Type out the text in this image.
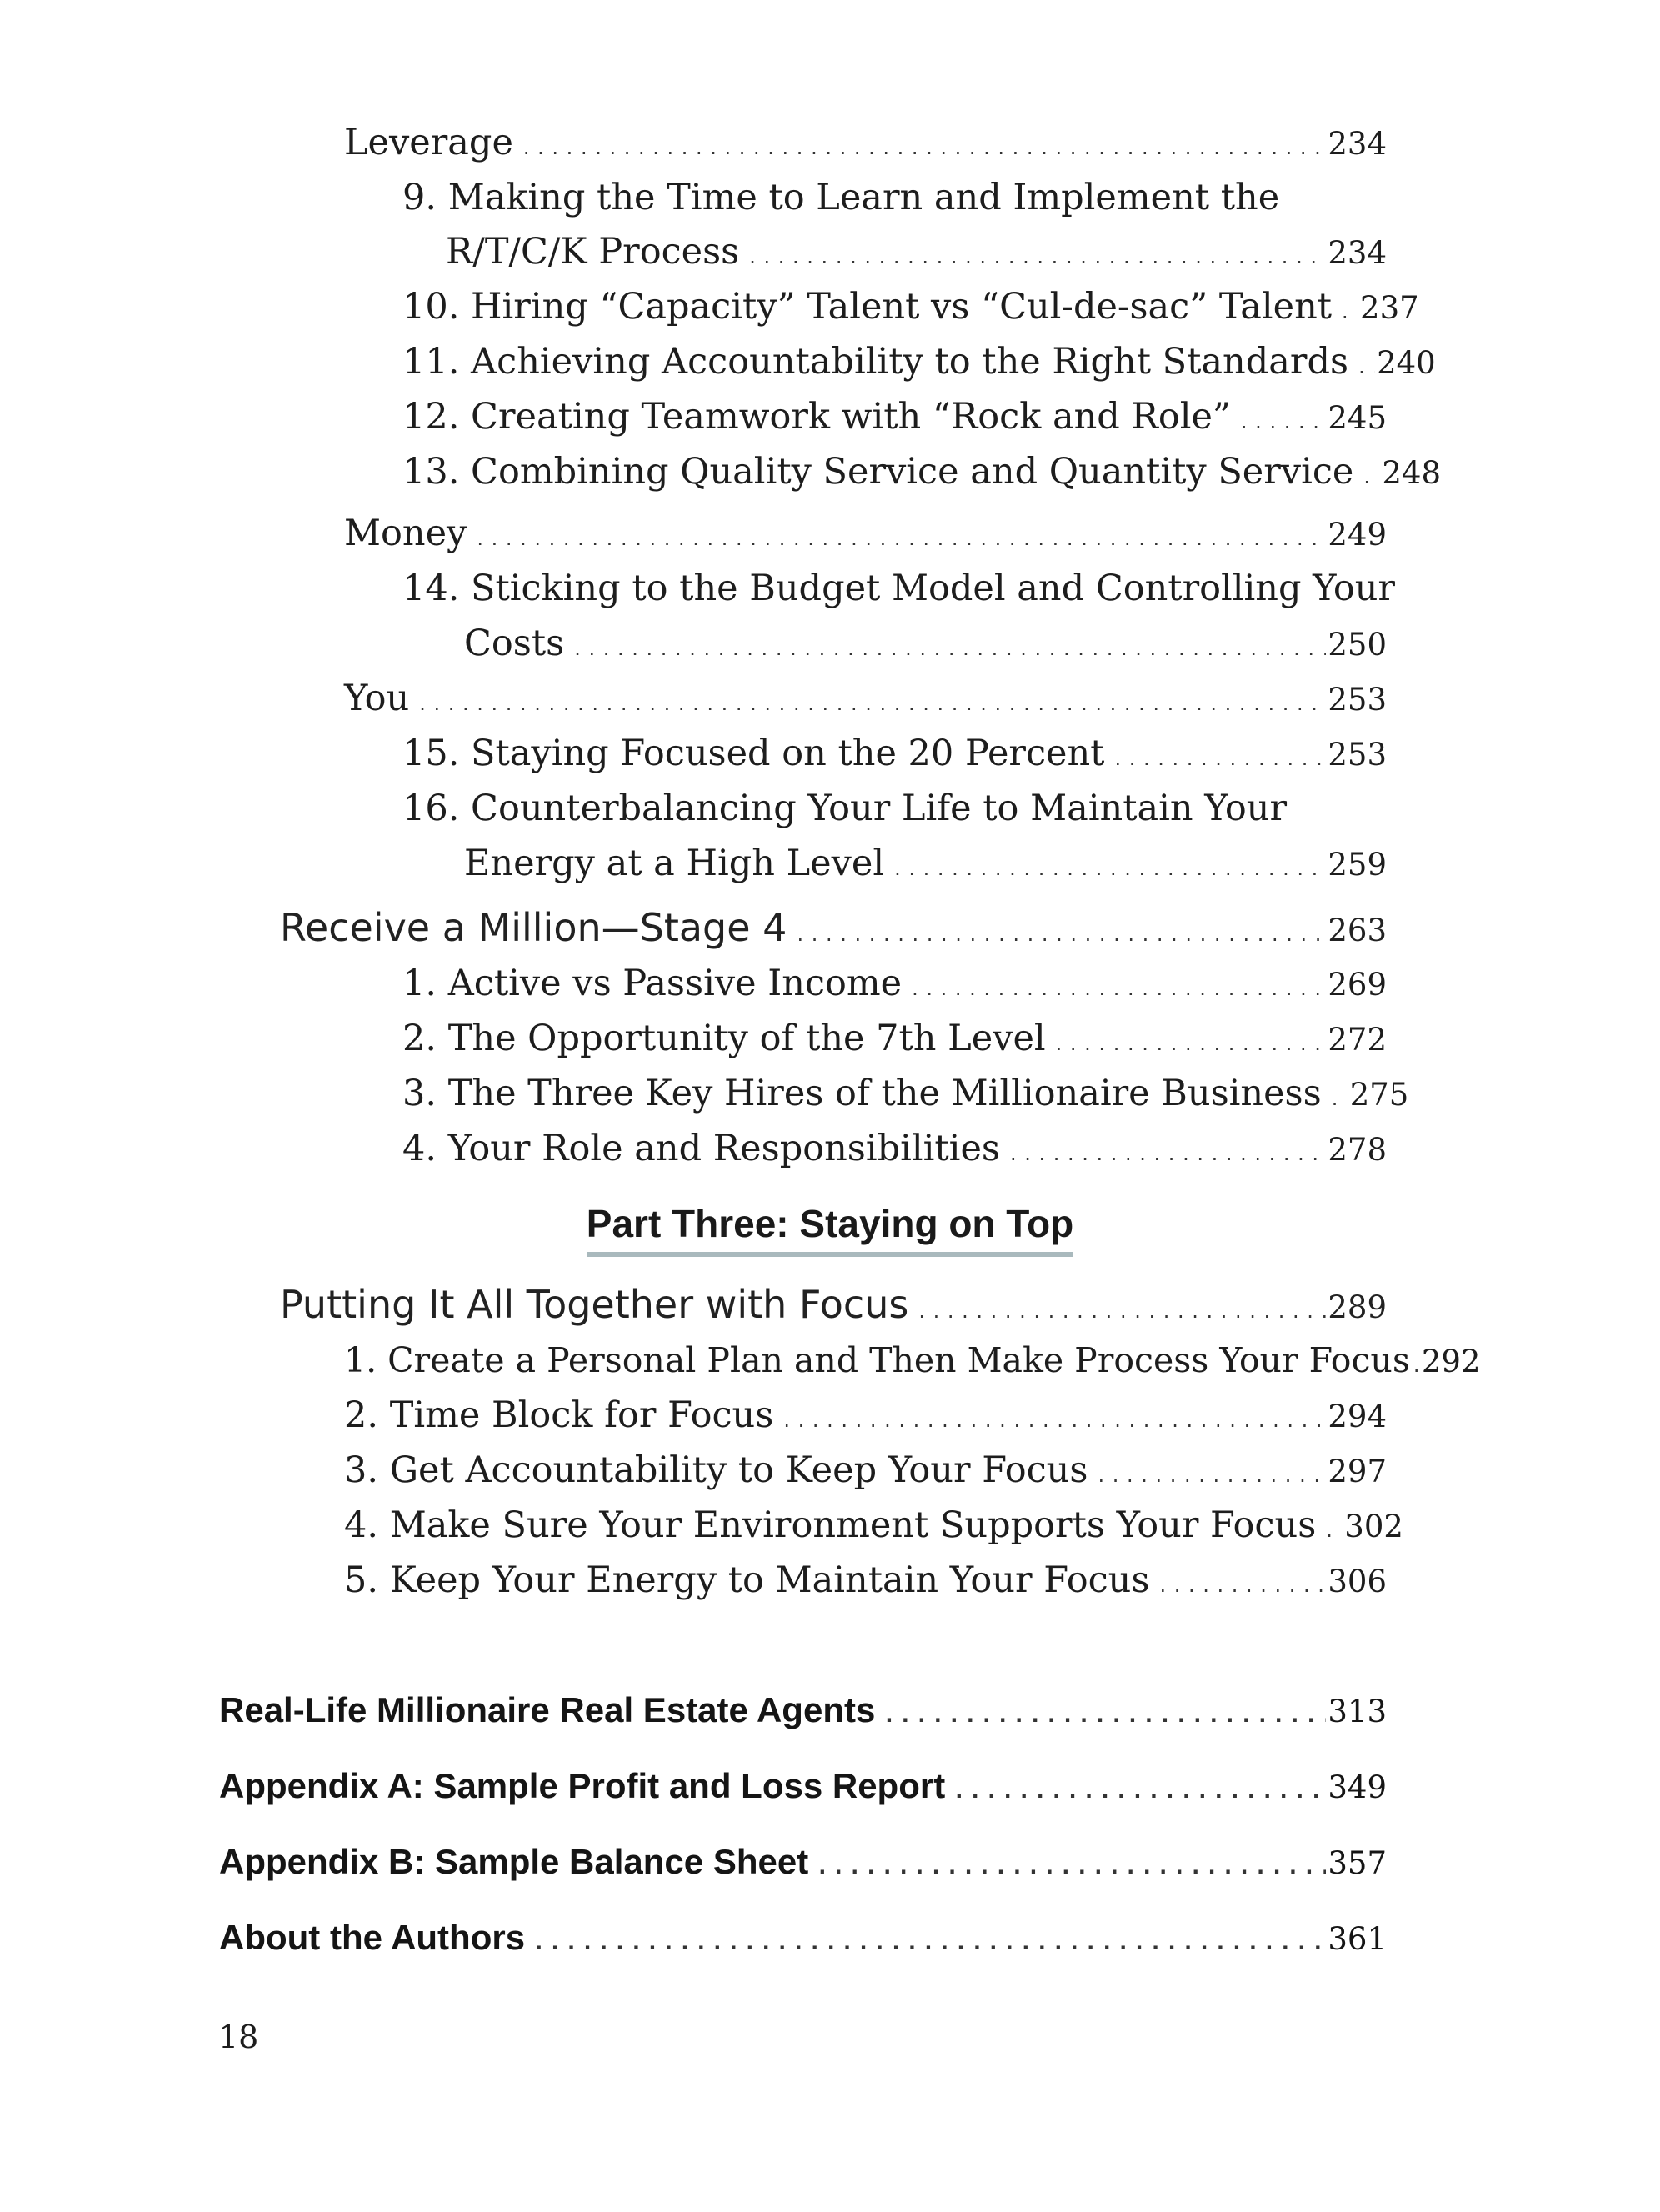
Leverage . . .	234
9. Making the Time to Learn and Implement the
R/T/C/K Process . . .	234
10. Hiring “Capacity” Talent vs “Cul-de-sac” Talent . . . 237
11. Achieving Accountability to the Right Standards . . . 240
12. Creating Teamwork with “Rock and Role” . . .	245
13. Combining Quality Service and Quantity Service . . . 248
Money . . .	249
14. Sticking to the Budget Model and Controlling Your
Costs . . .	250
You . . .	253
15. Staying Focused on the 20 Percent . . .	253
16. Counterbalancing Your Life to Maintain Your
Energy at a High Level . . .	259
Receive a Million—Stage 4 . . .	263
1. Active vs Passive Income . . .	269
2. The Opportunity of the 7th Level . . .	272
3. The Three Key Hires of the Millionaire Business . . . 275
4. Your Role and Responsibilities . . .	278
Part Three: Staying on Top
Putting It All Together with Focus . . .	289
1. Create a Personal Plan and Then Make Process Your Focus . . . 292
2. Time Block for Focus . . .	294
3. Get Accountability to Keep Your Focus . . .	297
4. Make Sure Your Environment Supports Your Focus . . . 302
5. Keep Your Energy to Maintain Your Focus . . .	306
Real-Life Millionaire Real Estate Agents . . .	313
Appendix A: Sample Profit and Loss Report . . .	349
Appendix B: Sample Balance Sheet . . .	357
About the Authors . . .	361
18
